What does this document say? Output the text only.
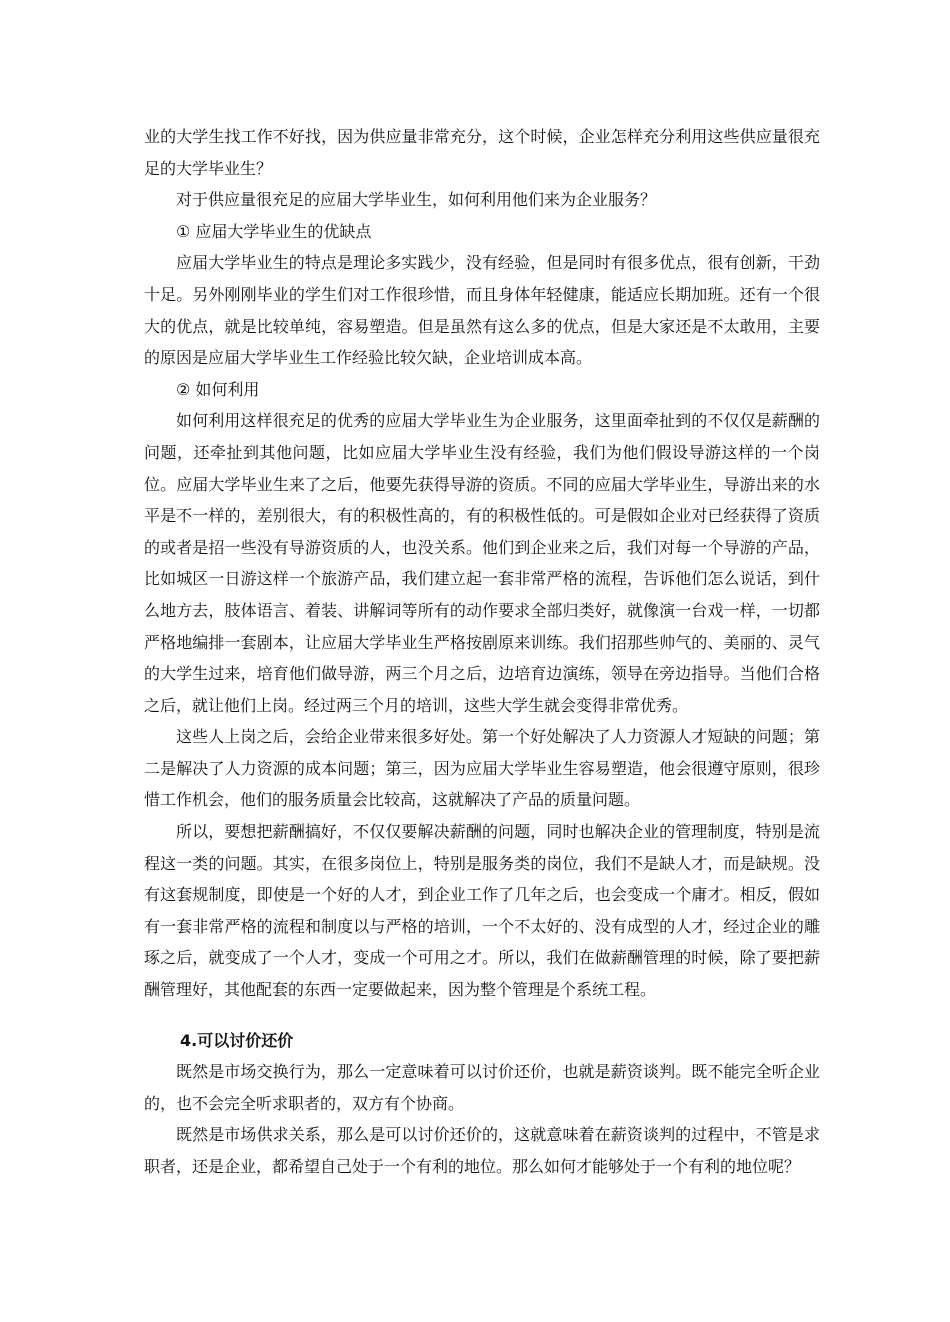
业的大学生找工作不好找，因为供应量非常充分，这个时候，企业怎样充分利用这些供应量很充足的大学毕业生？

对于供应量很充足的应届大学毕业生，如何利用他们来为企业服务？

① 应届大学毕业生的优缺点

应届大学毕业生的特点是理论多实践少，没有经验，但是同时有很多优点，很有创新，干劲十足。另外刚刚毕业的学生们对工作很珍惜，而且身体年轻健康，能适应长期加班。还有一个很大的优点，就是比较单纯，容易塑造。但是虽然有这么多的优点，但是大家还是不太敢用，主要的原因是应届大学毕业生工作经验比较欠缺，企业培训成本高。

② 如何利用

如何利用这样很充足的优秀的应届大学毕业生为企业服务，这里面牵扯到的不仅仅是薪酬的问题，还牵扯到其他问题，比如应届大学毕业生没有经验，我们为他们假设导游这样的一个岗位。应届大学毕业生来了之后，他要先获得导游的资质。不同的应届大学毕业生，导游出来的水平是不一样的，差别很大，有的积极性高的，有的积极性低的。可是假如企业对已经获得了资质的或者是招一些没有导游资质的人，也没关系。他们到企业来之后，我们对每一个导游的产品，比如城区一日游这样一个旅游产品，我们建立起一套非常严格的流程，告诉他们怎么说话，到什么地方去，肢体语言、着装、讲解词等所有的动作要求全部归类好，就像演一台戏一样，一切都严格地编排一套剧本，让应届大学毕业生严格按剧原来训练。我们招那些帅气的、美丽的、灵气的大学生过来，培育他们做导游，两三个月之后，边培育边演练，领导在旁边指导。当他们合格之后，就让他们上岗。经过两三个月的培训，这些大学生就会变得非常优秀。

这些人上岗之后，会给企业带来很多好处。第一个好处解决了人力资源人才短缺的问题；第二是解决了人力资源的成本问题；第三，因为应届大学毕业生容易塑造，他会很遵守原则，很珍惜工作机会，他们的服务质量会比较高，这就解决了产品的质量问题。

所以，要想把薪酬搞好，不仅仅要解决薪酬的问题，同时也解决企业的管理制度，特别是流程这一类的问题。其实，在很多岗位上，特别是服务类的岗位，我们不是缺人才，而是缺规。没有这套规制度，即使是一个好的人才，到企业工作了几年之后，也会变成一个庸才。相反，假如有一套非常严格的流程和制度以与严格的培训，一个不太好的、没有成型的人才，经过企业的雕琢之后，就变成了一个人才，变成一个可用之才。所以，我们在做薪酬管理的时候，除了要把薪酬管理好，其他配套的东西一定要做起来，因为整个管理是个系统工程。

4.可以讨价还价

既然是市场交换行为，那么一定意味着可以讨价还价，也就是薪资谈判。既不能完全听企业的，也不会完全听求职者的，双方有个协商。

既然是市场供求关系，那么是可以讨价还价的，这就意味着在薪资谈判的过程中，不管是求职者，还是企业，都希望自己处于一个有利的地位。那么如何才能够处于一个有利的地位呢？
